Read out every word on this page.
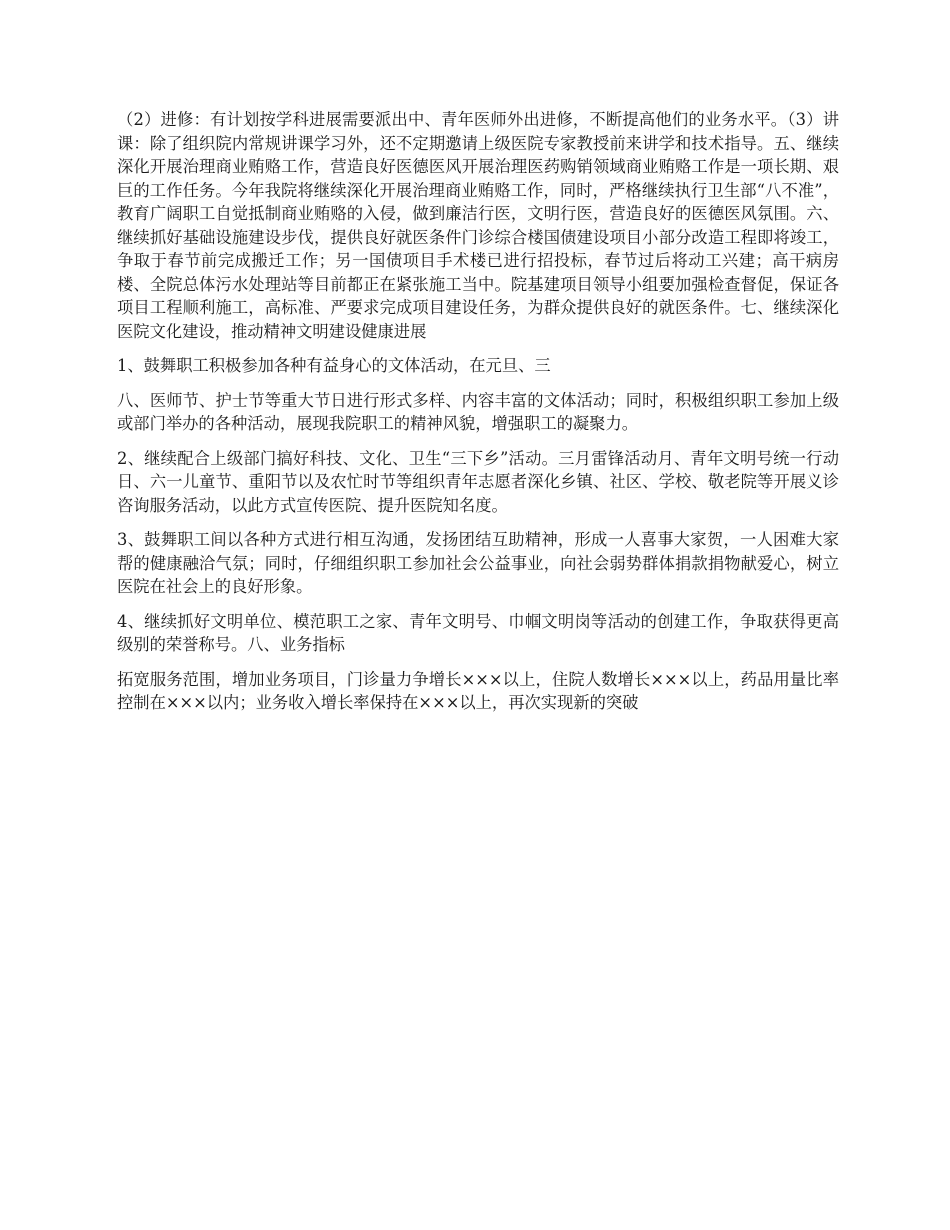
（2）进修：有计划按学科进展需要派出中、青年医师外出进修，不断提高他们的业务水平。（3）讲课：除了组织院内常规讲课学习外，还不定期邀请上级医院专家教授前来讲学和技术指导。五、继续深化开展治理商业贿赂工作，营造良好医德医风开展治理医药购销领域商业贿赂工作是一项长期、艰巨的工作任务。今年我院将继续深化开展治理商业贿赂工作，同时，严格继续执行卫生部“八不准”，教育广阔职工自觉抵制商业贿赂的入侵，做到廉洁行医，文明行医，营造良好的医德医风氛围。六、继续抓好基础设施建设步伐，提供良好就医条件门诊综合楼国债建设项目小部分改造工程即将竣工，争取于春节前完成搬迁工作；另一国债项目手术楼已进行招投标，春节过后将动工兴建；高干病房楼、全院总体污水处理站等目前都正在紧张施工当中。院基建项目领导小组要加强检查督促，保证各项目工程顺利施工，高标准、严要求完成项目建设任务，为群众提供良好的就医条件。七、继续深化医院文化建设，推动精神文明建设健康进展

1、鼓舞职工积极参加各种有益身心的文体活动，在元旦、三

八、医师节、护士节等重大节日进行形式多样、内容丰富的文体活动；同时，积极组织职工参加上级或部门举办的各种活动，展现我院职工的精神风貌，增强职工的凝聚力。

2、继续配合上级部门搞好科技、文化、卫生“三下乡”活动。三月雷锋活动月、青年文明号统一行动日、六一儿童节、重阳节以及农忙时节等组织青年志愿者深化乡镇、社区、学校、敬老院等开展义诊咨询服务活动，以此方式宣传医院、提升医院知名度。

3、鼓舞职工间以各种方式进行相互沟通，发扬团结互助精神，形成一人喜事大家贺，一人困难大家帮的健康融洽气氛；同时，仔细组织职工参加社会公益事业，向社会弱势群体捐款捐物献爱心，树立医院在社会上的良好形象。

4、继续抓好文明单位、模范职工之家、青年文明号、巾帼文明岗等活动的创建工作，争取获得更高级别的荣誉称号。八、业务指标

拓宽服务范围，增加业务项目，门诊量力争增长×××以上，住院人数增长×××以上，药品用量比率控制在×××以内；业务收入增长率保持在×××以上，再次实现新的突破
